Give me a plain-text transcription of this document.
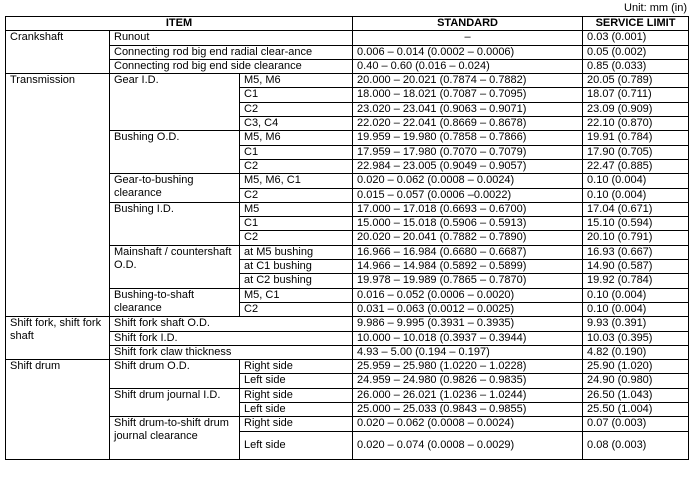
Unit: mm (in)
ITEM			STANDARD	SERVICE LIMIT
Crankshaft	Runout		–	0.03 (0.001)
	Connecting rod big end radial clear-ance		0.006 – 0.014 (0.0002 – 0.0006)	0.05 (0.002)
	Connecting rod big end side clearance		0.40 – 0.60 (0.016 – 0.024)	0.85 (0.033)
Transmission	Gear I.D.	M5, M6	20.000 – 20.021 (0.7874 – 0.7882)	20.05 (0.789)
		C1	18.000 – 18.021 (0.7087 – 0.7095)	18.07 (0.711)
		C2	23.020 – 23.041 (0.9063 – 0.9071)	23.09 (0.909)
		C3, C4	22.020 – 22.041 (0.8669 – 0.8678)	22.10 (0.870)
	Bushing O.D.	M5, M6	19.959 – 19.980 (0.7858 – 0.7866)	19.91 (0.784)
		C1	17.959 – 17.980 (0.7070 – 0.7079)	17.90 (0.705)
		C2	22.984 – 23.005 (0.9049 – 0.9057)	22.47 (0.885)
	Gear-to-bushing clearance	M5, M6, C1	0.020 – 0.062 (0.0008 – 0.0024)	0.10 (0.004)
		C2	0.015 – 0.057 (0.0006 –0.0022)	0.10 (0.004)
	Bushing I.D.	M5	17.000 – 17.018 (0.6693 – 0.6700)	17.04 (0.671)
		C1	15.000 – 15.018 (0.5906 – 0.5913)	15.10 (0.594)
		C2	20.020 – 20.041 (0.7882 – 0.7890)	20.10 (0.791)
	Mainshaft / countershaft O.D.	at M5 bushing	16.966 – 16.984 (0.6680 – 0.6687)	16.93 (0.667)
		at C1 bushing	14.966 – 14.984 (0.5892 – 0.5899)	14.90 (0.587)
		at C2 bushing	19.978 – 19.989 (0.7865 – 0.7870)	19.92 (0.784)
	Bushing-to-shaft clearance	M5, C1	0.016 – 0.052 (0.0006 – 0.0020)	0.10 (0.004)
		C2	0.031 – 0.063 (0.0012 – 0.0025)	0.10 (0.004)
Shift fork, shift fork shaft	Shift fork shaft O.D.		9.986 – 9.995 (0.3931 – 0.3935)	9.93 (0.391)
	Shift fork I.D.		10.000 – 10.018 (0.3937 – 0.3944)	10.03 (0.395)
	Shift fork claw thickness		4.93 – 5.00 (0.194 – 0.197)	4.82 (0.190)
Shift drum	Shift drum O.D.	Right side	25.959 – 25.980 (1.0220 – 1.0228)	25.90 (1.020)
		Left side	24.959 – 24.980 (0.9826 – 0.9835)	24.90 (0.980)
	Shift drum journal I.D.	Right side	26.000 – 26.021 (1.0236 – 1.0244)	26.50 (1.043)
		Left side	25.000 – 25.033 (0.9843 – 0.9855)	25.50 (1.004)
	Shift drum-to-shift drum journal clearance	Right side	0.020 – 0.062 (0.0008 – 0.0024)	0.07 (0.003)
		Left side	0.020 – 0.074 (0.0008 – 0.0029)	0.08 (0.003)
